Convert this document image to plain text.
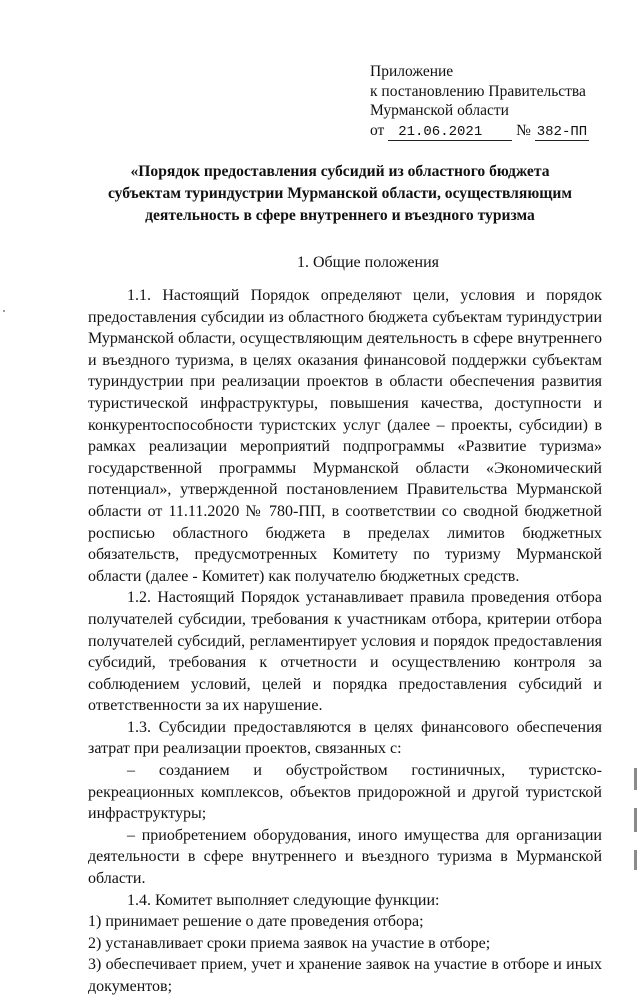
Приложение
к постановлению Правительства
Мурманской области
от 21.06.2021 № 382-ПП
«Порядок предоставления субсидий из областного бюджета
субъектам туриндустрии Мурманской области, осуществляющим
деятельность в сфере внутреннего и въездного туризма
1. Общие положения

1.1. Настоящий Порядок определяют цели, условия и порядок предоставления субсидии из областного бюджета субъектам туриндустрии Мурманской области, осуществляющим деятельность в сфере внутреннего и въездного туризма, в целях оказания финансовой поддержки субъектам туриндустрии при реализации проектов в области обеспечения развития туристической инфраструктуры, повышения качества, доступности и конкурентоспособности туристских услуг (далее – проекты, субсидии) в рамках реализации мероприятий подпрограммы «Развитие туризма» государственной программы Мурманской области «Экономический потенциал», утвержденной постановлением Правительства Мурманской области от 11.11.2020 № 780-ПП, в соответствии со сводной бюджетной росписью областного бюджета в пределах лимитов бюджетных обязательств, предусмотренных Комитету по туризму Мурманской области (далее - Комитет) как получателю бюджетных средств.

1.2. Настоящий Порядок устанавливает правила проведения отбора получателей субсидии, требования к участникам отбора, критерии отбора получателей субсидий, регламентирует условия и порядок предоставления субсидий, требования к отчетности и осуществлению контроля за соблюдением условий, целей и порядка предоставления субсидий и ответственности за их нарушение.

1.3. Субсидии предоставляются в целях финансового обеспечения затрат при реализации проектов, связанных с:

– созданием и обустройством гостиничных, туристско-рекреационных комплексов, объектов придорожной и другой туристской инфраструктуры;

– приобретением оборудования, иного имущества для организации деятельности в сфере внутреннего и въездного туризма в Мурманской области.

1.4. Комитет выполняет следующие функции:

1) принимает решение о дате проведения отбора;

2) устанавливает сроки приема заявок на участие в отборе;

3) обеспечивает прием, учет и хранение заявок на участие в отборе и иных документов;
